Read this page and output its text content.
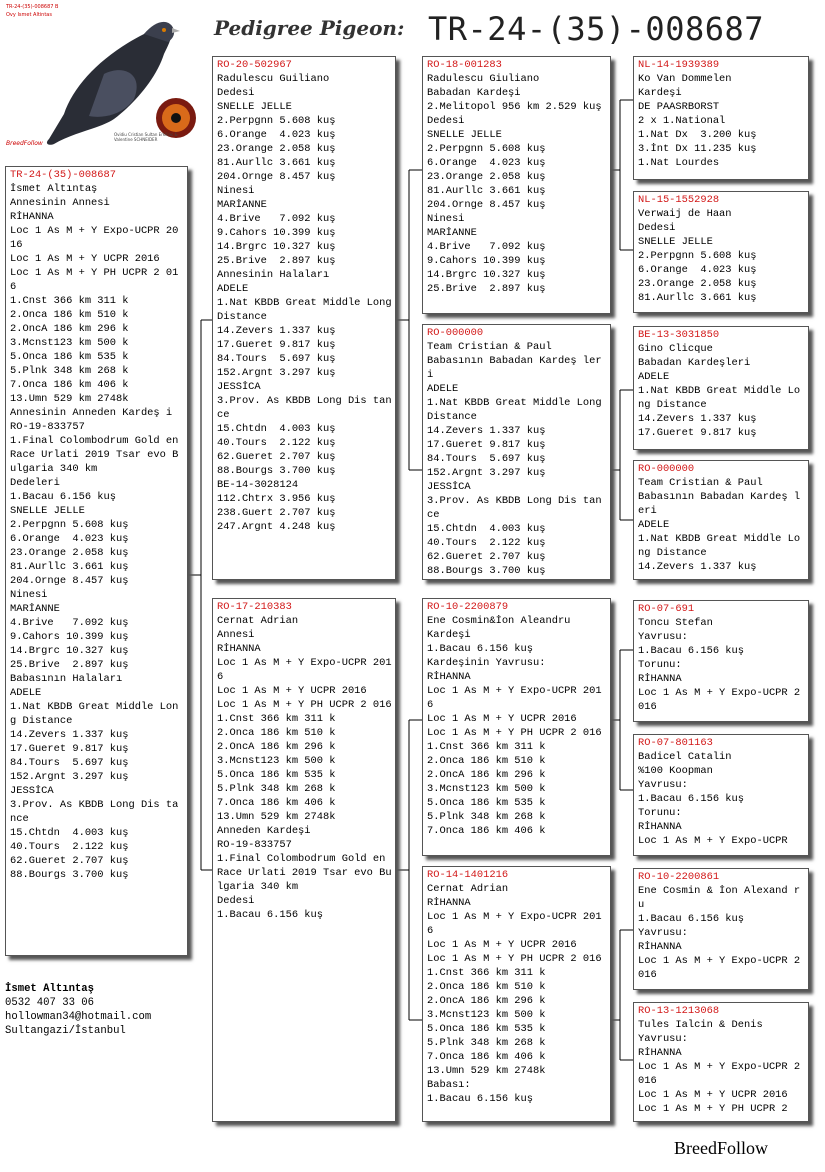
Pedigree Pigeon: TR-24-(35)-008687
TR-24-(35)-008687 B
Ovy Ismet Altintas
Ovidiu Cristian Sultan Erkilinc & Valentine SCHNEIDER
BreedFollow
TR-24-(35)-008687
İsmet Altıntaş
Annesinin Annesi
RİHANNA
Loc 1 As M + Y Expo-UCPR 2016
Loc 1 As M + Y UCPR 2016
Loc 1 As M + Y PH UCPR 2 016
1.Cnst 366 km 311 k
2.Onca 186 km 510 k
2.OncA 186 km 296 k
3.Mcnst123 km 500 k
5.Onca 186 km 535 k
5.Plnk 348 km 268 k
7.Onca 186 km 406 k
13.Umn 529 km 2748k
Annesinin Anneden Kardeş i
RO-19-833757
1.Final Colombodrum Gold en Race Urlati 2019 Tsar evo Bulgaria 340 km
Dedeleri
1.Bacau 6.156 kuş
SNELLE JELLE
2.Perpgnn 5.608 kuş
6.Orange  4.023 kuş
23.Orange 2.058 kuş
81.Aurllc 3.661 kuş
204.Ornge 8.457 kuş
Ninesi
MARİANNE
4.Brive   7.092 kuş
9.Cahors 10.399 kuş
14.Brgrc 10.327 kuş
25.Brive  2.897 kuş
Babasının Halaları
ADELE
1.Nat KBDB Great Middle Long Distance
14.Zevers 1.337 kuş
17.Gueret 9.817 kuş
84.Tours  5.697 kuş
152.Argnt 3.297 kuş
JESSİCA
3.Prov. As KBDB Long Dis tance
15.Chtdn  4.003 kuş
40.Tours  2.122 kuş
62.Gueret 2.707 kuş
88.Bourgs 3.700 kuş
RO-20-502967
Radulescu Guiliano
Dedesi
SNELLE JELLE
2.Perpgnn 5.608 kuş
6.Orange  4.023 kuş
23.Orange 2.058 kuş
81.Aurllc 3.661 kuş
204.Ornge 8.457 kuş
Ninesi
MARİANNE
4.Brive   7.092 kuş
9.Cahors 10.399 kuş
14.Brgrc 10.327 kuş
25.Brive  2.897 kuş
Annesinin Halaları
ADELE
1.Nat KBDB Great Middle Long Distance
14.Zevers 1.337 kuş
17.Gueret 9.817 kuş
84.Tours  5.697 kuş
152.Argnt 3.297 kuş
JESSİCA
3.Prov. As KBDB Long Dis tance
15.Chtdn  4.003 kuş
40.Tours  2.122 kuş
62.Gueret 2.707 kuş
88.Bourgs 3.700 kuş
BE-14-3028124
112.Chtrx 3.956 kuş
238.Guert 2.707 kuş
247.Argnt 4.248 kuş
RO-17-210383
Cernat Adrian
Annesi
RİHANNA
Loc 1 As M + Y Expo-UCPR 2016
Loc 1 As M + Y UCPR 2016
Loc 1 As M + Y PH UCPR 2 016
1.Cnst 366 km 311 k
2.Onca 186 km 510 k
2.OncA 186 km 296 k
3.Mcnst123 km 500 k
5.Onca 186 km 535 k
5.Plnk 348 km 268 k
7.Onca 186 km 406 k
13.Umn 529 km 2748k
Anneden Kardeşi
RO-19-833757
1.Final Colombodrum Gold en Race Urlati 2019 Tsar evo Bulgaria 340 km
Dedesi
1.Bacau 6.156 kuş
RO-18-001283
Radulescu Giuliano
Babadan Kardeşi
2.Melitopol 956 km 2.529 kuş
Dedesi
SNELLE JELLE
2.Perpgnn 5.608 kuş
6.Orange  4.023 kuş
23.Orange 2.058 kuş
81.Aurllc 3.661 kuş
204.Ornge 8.457 kuş
Ninesi
MARİANNE
4.Brive   7.092 kuş
9.Cahors 10.399 kuş
14.Brgrc 10.327 kuş
25.Brive  2.897 kuş
RO-000000
Team Cristian & Paul
Babasının Babadan Kardeş leri
ADELE
1.Nat KBDB Great Middle Long Distance
14.Zevers 1.337 kuş
17.Gueret 9.817 kuş
84.Tours  5.697 kuş
152.Argnt 3.297 kuş
JESSİCA
3.Prov. As KBDB Long Dis tance
15.Chtdn  4.003 kuş
40.Tours  2.122 kuş
62.Gueret 2.707 kuş
88.Bourgs 3.700 kuş
RO-10-2200879
Ene Cosmin&İon Aleandru
Kardeşi
1.Bacau 6.156 kuş
Kardeşinin Yavrusu:
RİHANNA
Loc 1 As M + Y Expo-UCPR 2016
Loc 1 As M + Y UCPR 2016
Loc 1 As M + Y PH UCPR 2 016
1.Cnst 366 km 311 k
2.Onca 186 km 510 k
2.OncA 186 km 296 k
3.Mcnst123 km 500 k
5.Onca 186 km 535 k
5.Plnk 348 km 268 k
7.Onca 186 km 406 k
RO-14-1401216
Cernat Adrian
RİHANNA
Loc 1 As M + Y Expo-UCPR 2016
Loc 1 As M + Y UCPR 2016
Loc 1 As M + Y PH UCPR 2 016
1.Cnst 366 km 311 k
2.Onca 186 km 510 k
2.OncA 186 km 296 k
3.Mcnst123 km 500 k
5.Onca 186 km 535 k
5.Plnk 348 km 268 k
7.Onca 186 km 406 k
13.Umn 529 km 2748k
Babası:
1.Bacau 6.156 kuş
NL-14-1939389
Ko Van Dommelen
Kardeşi
DE PAASRBORST
2 x 1.National
1.Nat Dx  3.200 kuş
3.İnt Dx 11.235 kuş
1.Nat Lourdes
NL-15-1552928
Verwaij de Haan
Dedesi
SNELLE JELLE
2.Perpgnn 5.608 kuş
6.Orange  4.023 kuş
23.Orange 2.058 kuş
81.Aurllc 3.661 kuş
BE-13-3031850
Gino Clicque
Babadan Kardeşleri
ADELE
1.Nat KBDB Great Middle Long Distance
14.Zevers 1.337 kuş
17.Gueret 9.817 kuş
RO-000000
Team Cristian & Paul
Babasının Babadan Kardeş leri
ADELE
1.Nat KBDB Great Middle Long Distance
14.Zevers 1.337 kuş
RO-07-691
Toncu Stefan
Yavrusu:
1.Bacau 6.156 kuş
Torunu:
RİHANNA
Loc 1 As M + Y Expo-UCPR 2016
RO-07-801163
Badicel Catalin
%100 Koopman
Yavrusu:
1.Bacau 6.156 kuş
Torunu:
RİHANNA
Loc 1 As M + Y Expo-UCPR
RO-10-2200861
Ene Cosmin & İon Alexand ru
1.Bacau 6.156 kuş
Yavrusu:
RİHANNA
Loc 1 As M + Y Expo-UCPR 2016
RO-13-1213068
Tules Ialcin & Denis
Yavrusu:
RİHANNA
Loc 1 As M + Y Expo-UCPR 2016
Loc 1 As M + Y UCPR 2016
Loc 1 As M + Y PH UCPR 2
İsmet Altıntaş
0532 407 33 06
hollowman34@hotmail.com
Sultangazi/İstanbul
BreedFollow
